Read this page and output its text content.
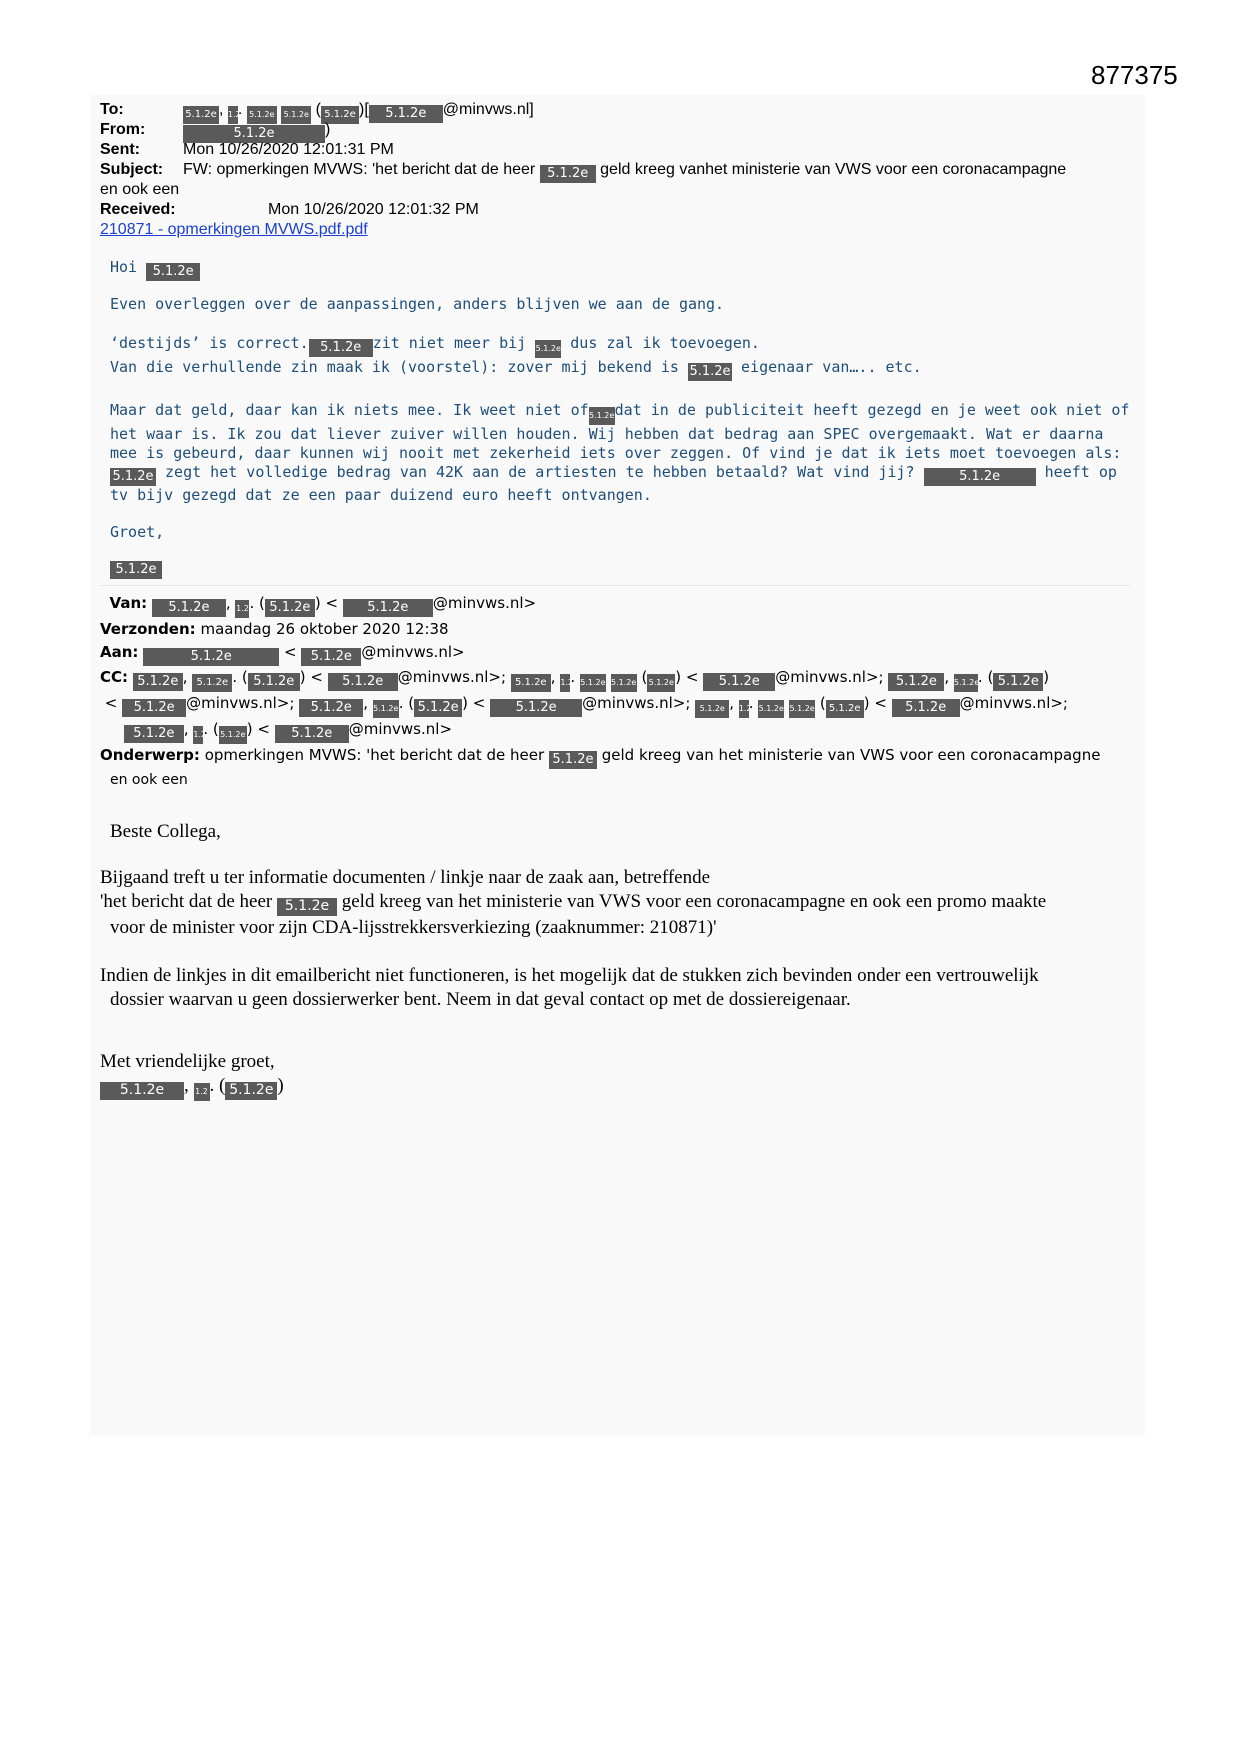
877375
To:	5.1.2e , 1.2. 5.1.2e 5.1.2e ( 5.1.2e )[ 5.1.2e @minvws.nl]
From:	5.1.2e	)
Sent:	Mon 10/26/2020 12:01:31 PM
Subject: FW: opmerkingen MVWS: 'het bericht dat de heer 5.1.2e geld kreeg vanhet ministerie van VWS voor een coronacampagne
en ook een
Received:	Mon 10/26/2020 12:01:32 PM
210871 - opmerkingen MVWS.pdf.pdf

Hoi 5.1.2e

Even overleggen over de aanpassingen, anders blijven we aan de gang.

‘destijds’ is correct. 5.1.2e zit niet meer bij 5.1.2e dus zal ik toevoegen.

Van die verhullende zin maak ik (voorstel): zover mij bekend is 5.1.2e eigenaar van….. etc.

Maar dat geld, daar kan ik niets mee. Ik weet niet of5.1.2edat in de publiciteit heeft gezegd en je weet ook niet of het waar is. Ik zou dat liever zuiver willen houden. Wij hebben dat bedrag aan SPEC overgemaakt. Wat er daarna mee is gebeurd, daar kunnen wij nooit met zekerheid iets over zeggen. Of vind je dat ik iets moet toevoegen als:5.1.2e zegt het volledige bedrag van 42K aan de artiesten te hebben betaald? Wat vind jij?	5.1.2e	heeft op tv bijv gezegd dat ze een paar duizend euro heeft ontvangen.

Groet,

5.1.2e

Van: 5.1.2e , 1.2. ( 5.1.2e ) < 5.1.2e @minvws.nl>
Verzonden: maandag 26 oktober 2020 12:38
Aan:	5.1.2e	< 5.1.2e @minvws.nl>
CC: 5.1.2e , 5.1.2e . ( 5.1.2e ) < 5.1.2e @minvws.nl>; 5.1.2e , 1.2. 5.1.2e 5.1.2e (5.1.2e) < 5.1.2e @minvws.nl>; 5.1.2e , 5.1.2e. ( 5.1.2e )
< 5.1.2e @minvws.nl>; 5.1.2e , 5.1.2e. ( 5.1.2e ) < 5.1.2e @minvws.nl>; 5.1.2e , 1.2. 5.1.2e 5.1.2e ( 5.1.2e ) < 5.1.2e @minvws.nl>;
5.1.2e , 1.2. (5.1.2e) < 5.1.2e @minvws.nl>
Onderwerp: opmerkingen MVWS: 'het bericht dat de heer 5.1.2e geld kreeg van het ministerie van VWS voor een coronacampagne
en ook een

Beste Collega,

Bijgaand treft u ter informatie documenten / linkje naar de zaak aan, betreffende

'het bericht dat de heer 5.1.2e geld kreeg van het ministerie van VWS voor een coronacampagne en ook een promo maakte

voor de minister voor zijn CDA-lijsstrekkersverkiezing (zaaknummer: 210871)'

Indien de linkjes in dit emailbericht niet functioneren, is het mogelijk dat de stukken zich bevinden onder een vertrouwelijk

dossier waarvan u geen dossierwerker bent. Neem in dat geval contact op met de dossiereigenaar.

Met vriendelijke groet,

5.1.2e , 1.2. ( 5.1.2e )
